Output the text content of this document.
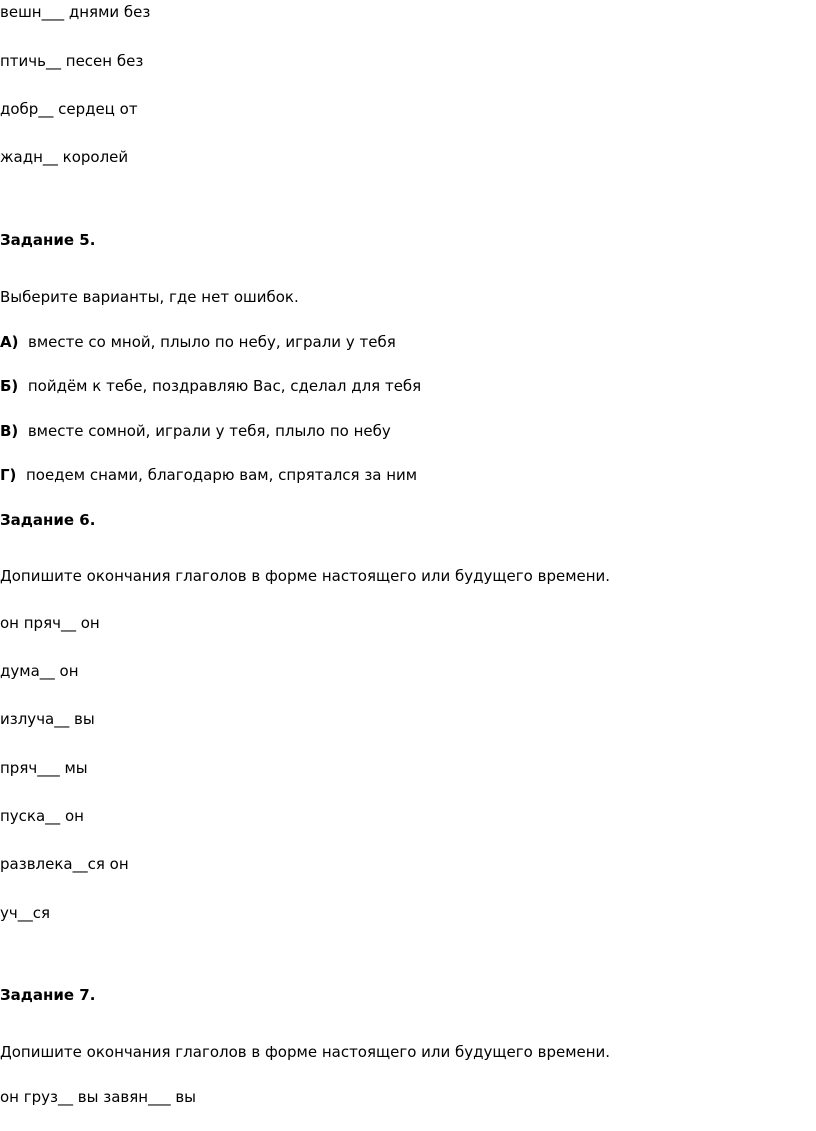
вешн___ днями без
птичь__ песен без
добр__ сердец от
жадн__ королей
Задание 5.
Выберите варианты, где нет ошибок.
А) вместе со мной, плыло по небу, играли у тебя
Б) пойдём к тебе, поздравляю Вас, сделал для тебя
В) вместе сомной, играли у тебя, плыло по небу
Г) поедем снами, благодарю вам, спрятался за ним
Задание 6.
Допишите окончания глаголов в форме настоящего или будущего времени.
он пряч__ он
дума__ он
излуча__ вы
пряч___ мы
пуска__ он
развлека__ся он
уч__ся
Задание 7.
Допишите окончания глаголов в форме настоящего или будущего времени.
он груз__ вы завян___ вы
